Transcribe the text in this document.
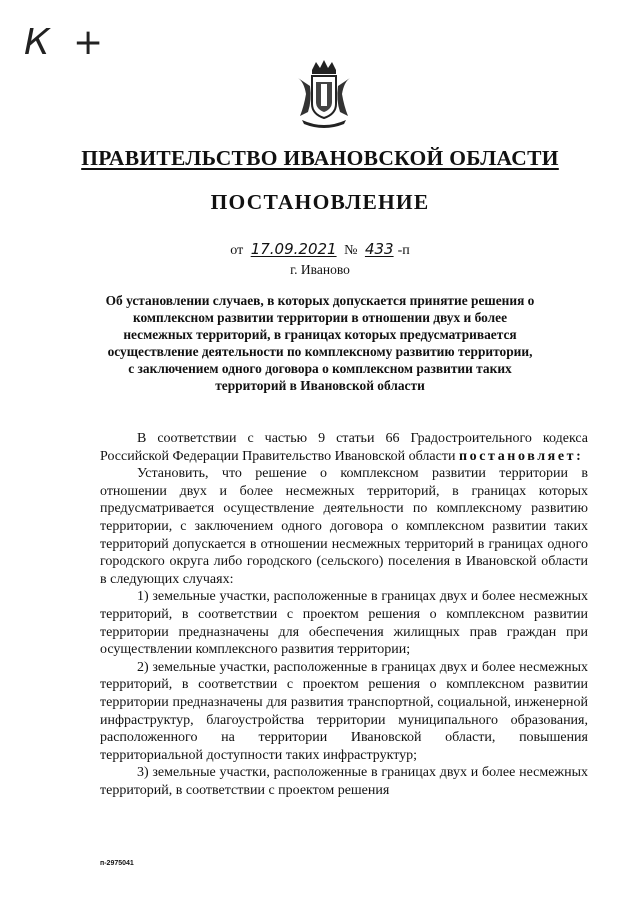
К +
ПРАВИТЕЛЬСТВО ИВАНОВСКОЙ ОБЛАСТИ
ПОСТАНОВЛЕНИЕ
от 17.09.2021 № 433 -п
г. Иваново
Об установлении случаев, в которых допускается принятие решения о комплексном развитии территории в отношении двух и более несмежных территорий, в границах которых предусматривается осуществление деятельности по комплексному развитию территории, с заключением одного договора о комплексном развитии таких территорий в Ивановской области

В соответствии с частью 9 статьи 66 Градостроительного кодекса Российской Федерации Правительство Ивановской области постановляет:

Установить, что решение о комплексном развитии территории в отношении двух и более несмежных территорий, в границах которых предусматривается осуществление деятельности по комплексному развитию территории, с заключением одного договора о комплексном развитии таких территорий допускается в отношении несмежных территорий в границах одного городского округа либо городского (сельского) поселения в Ивановской области в следующих случаях:

1) земельные участки, расположенные в границах двух и более несмежных территорий, в соответствии с проектом решения о комплексном развитии территории предназначены для обеспечения жилищных прав граждан при осуществлении комплексного развития территории;

2) земельные участки, расположенные в границах двух и более несмежных территорий, в соответствии с проектом решения о комплексном развитии территории предназначены для развития транспортной, социальной, инженерной инфраструктур, благоустройства территории муниципального образования, расположенного на территории Ивановской области, повышения территориальной доступности таких инфраструктур;

3) земельные участки, расположенные в границах двух и более несмежных территорий, в соответствии с проектом решения

п-2975041
